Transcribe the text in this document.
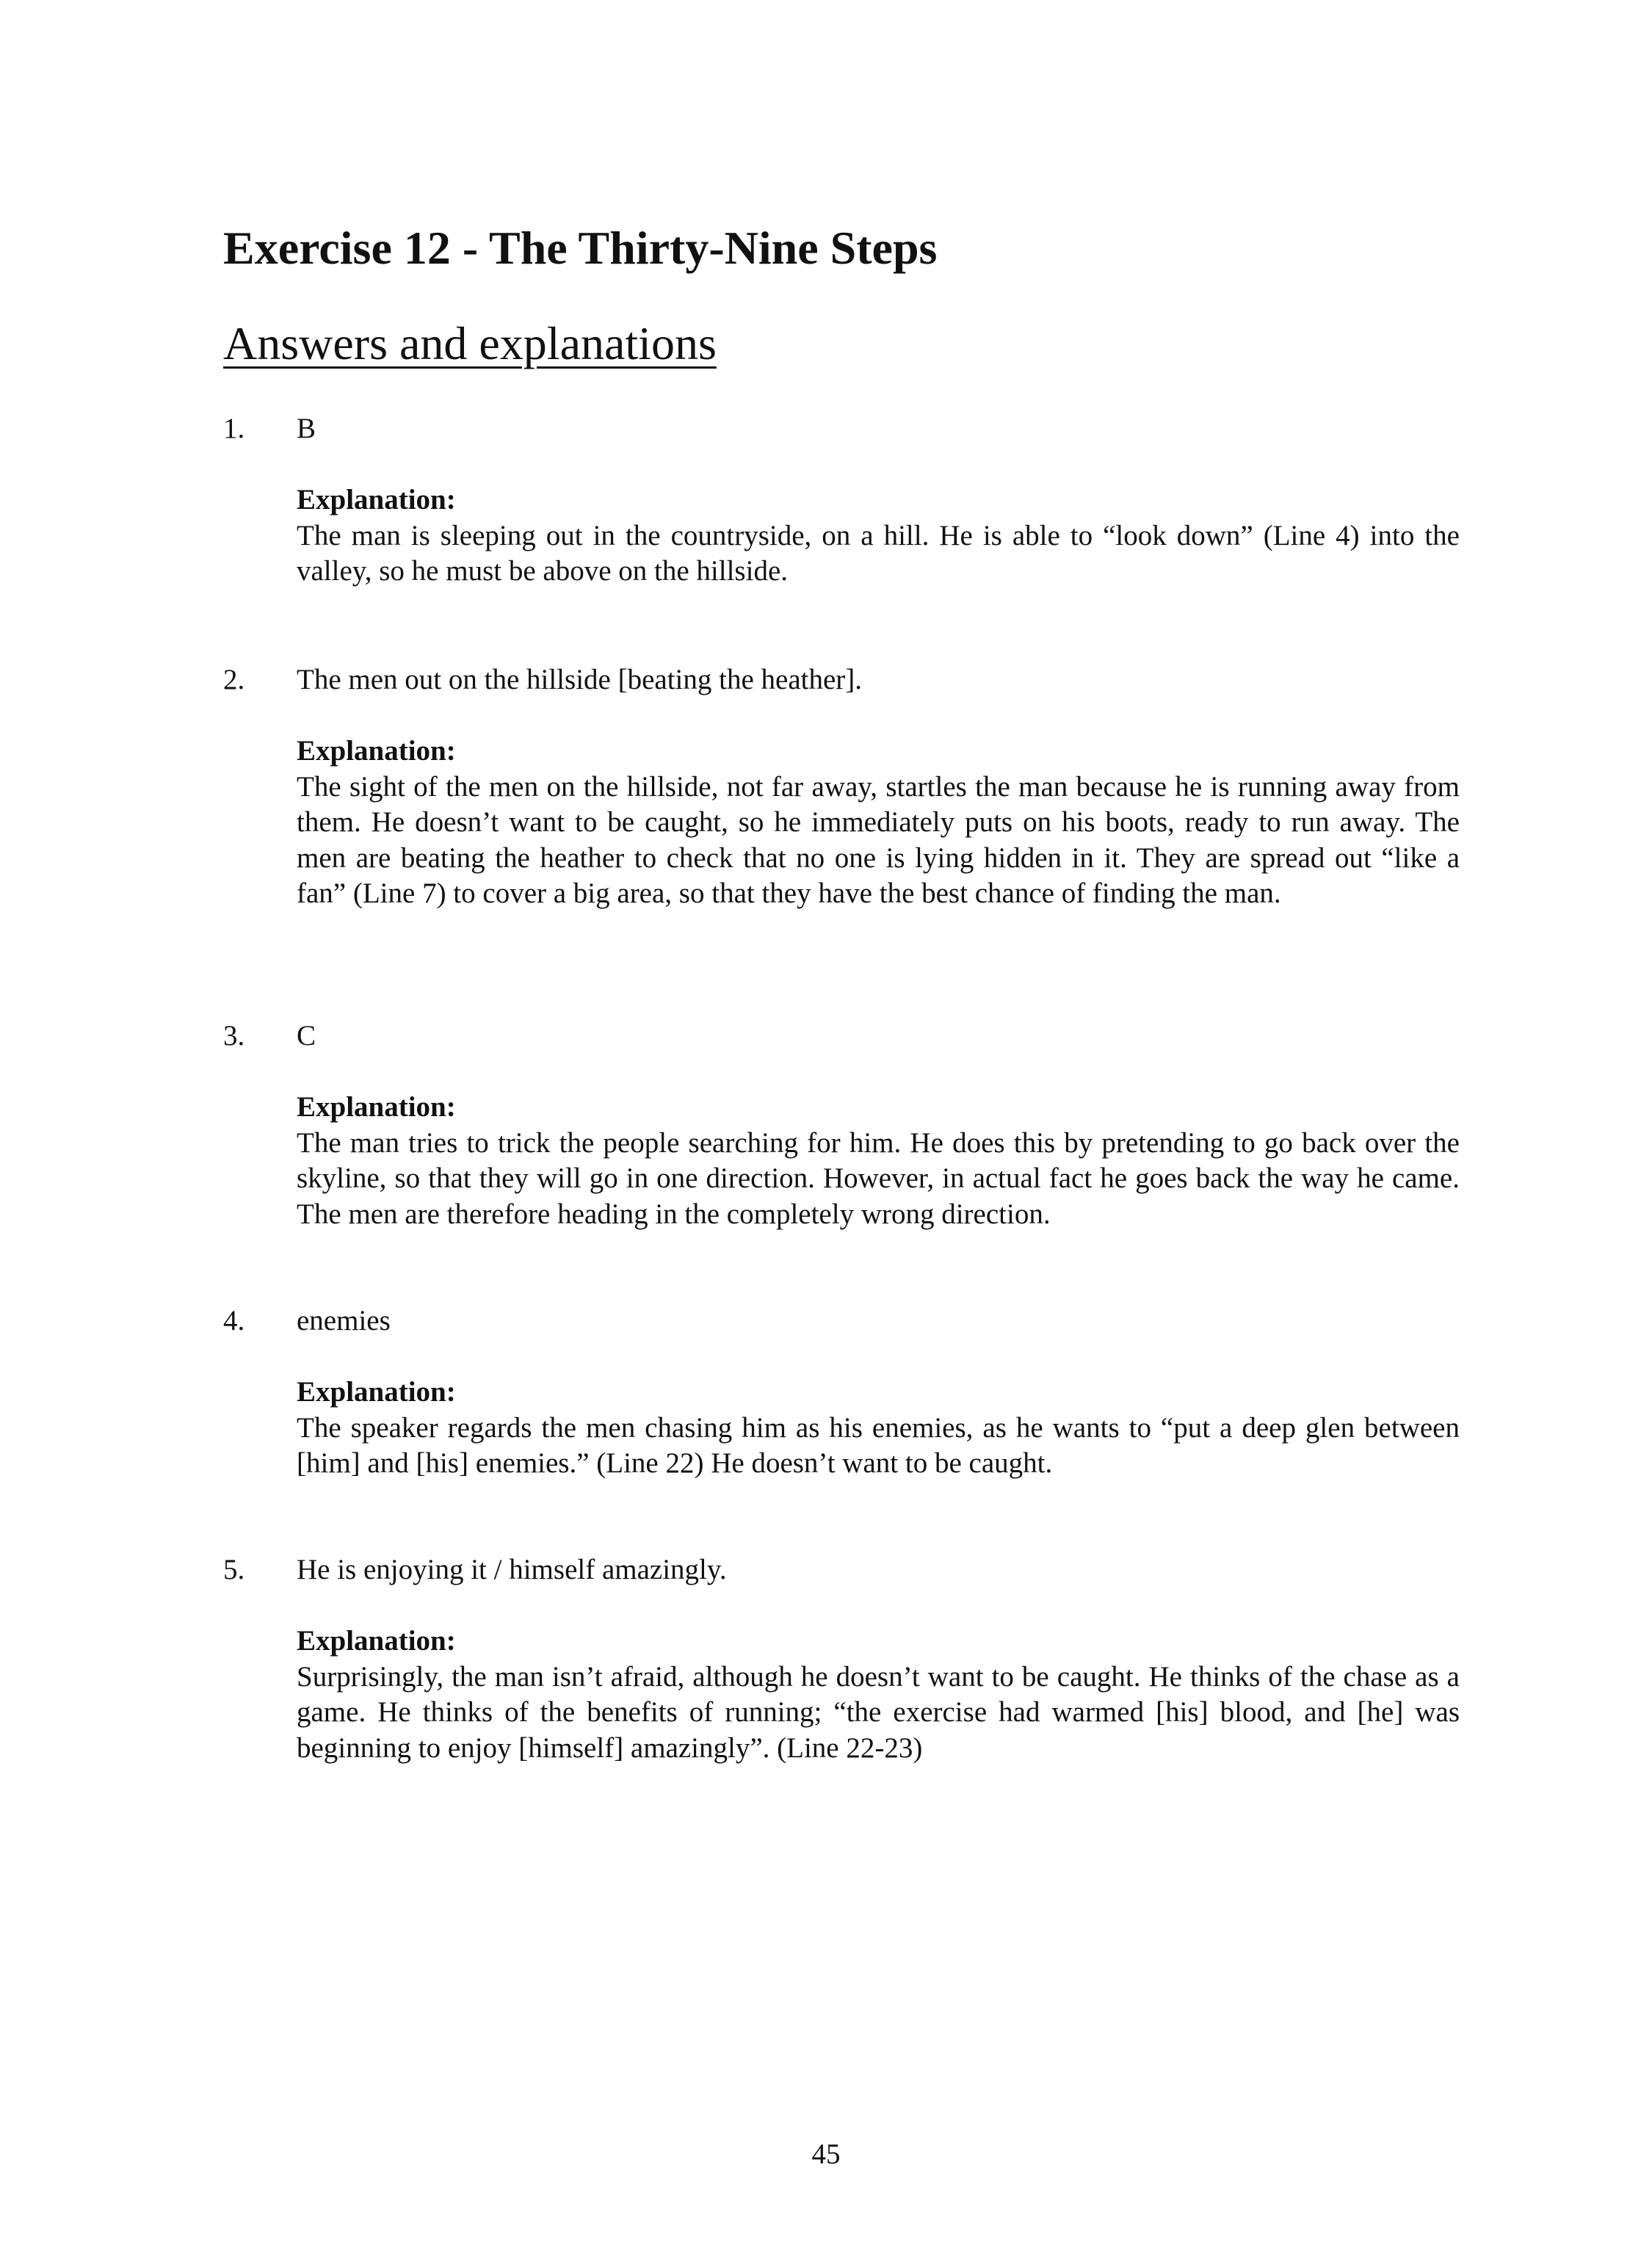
Exercise 12 - The Thirty-Nine Steps
Answers and explanations
1. B
Explanation:
The man is sleeping out in the countryside, on a hill. He is able to “look down” (Line 4) into the valley, so he must be above on the hillside.
2. The men out on the hillside [beating the heather].
Explanation:
The sight of the men on the hillside, not far away, startles the man because he is running away from them. He doesn’t want to be caught, so he immediately puts on his boots, ready to run away. The men are beating the heather to check that no one is lying hidden in it. They are spread out “like a fan” (Line 7) to cover a big area, so that they have the best chance of finding the man.
3. C
Explanation:
The man tries to trick the people searching for him. He does this by pretending to go back over the skyline, so that they will go in one direction. However, in actual fact he goes back the way he came. The men are therefore heading in the completely wrong direction.
4. enemies
Explanation:
The speaker regards the men chasing him as his enemies, as he wants to “put a deep glen between [him] and [his] enemies.” (Line 22) He doesn’t want to be caught.
5. He is enjoying it / himself amazingly.
Explanation:
Surprisingly, the man isn’t afraid, although he doesn’t want to be caught. He thinks of the chase as a game. He thinks of the benefits of running; “the exercise had warmed [his] blood, and [he] was beginning to enjoy [himself] amazingly”. (Line 22-23)
45
